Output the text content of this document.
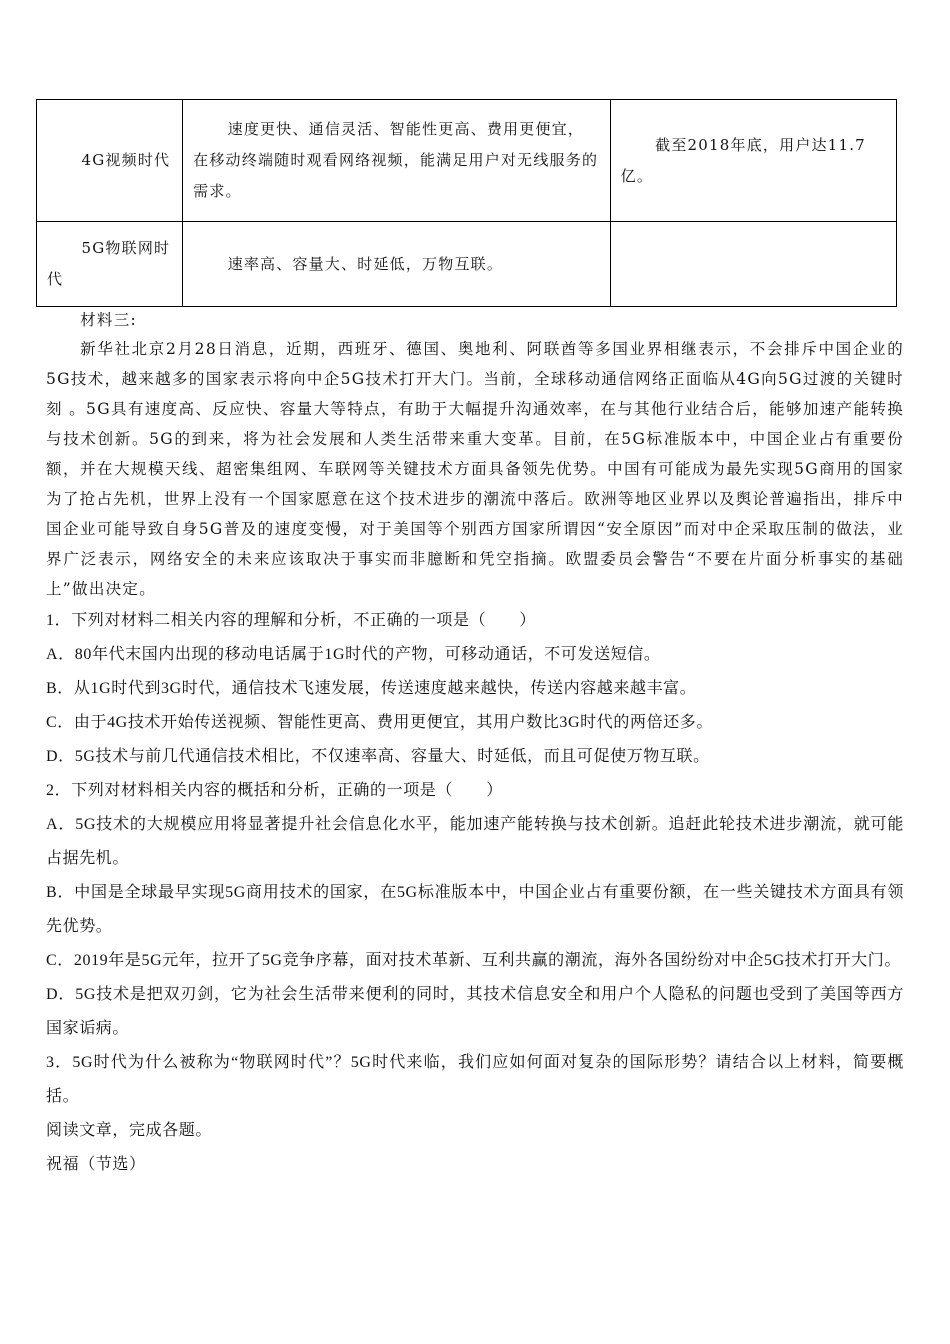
4G视频时代	速度更快、通信灵活、智能性更高、费用更便宜，在移动终端随时观看网络视频，能满足用户对无线服务的需求。	截至2018年底，用户达11.7亿。

5G物联网时代	速率高、容量大、时延低，万物互联。	

材料三:

新华社北京2月28日消息，近期，西班牙、德国、奥地利、阿联酋等多国业界相继表示，不会排斥中国企业的5G技术，越来越多的国家表示将向中企5G技术打开大门。当前，全球移动通信网络正面临从4G向5G过渡的关键时刻 。5G具有速度高、反应快、容量大等特点，有助于大幅提升沟通效率，在与其他行业结合后，能够加速产能转换与技术创新。5G的到来，将为社会发展和人类生活带来重大变革。目前，在5G标准版本中，中国企业占有重要份额，并在大规模天线、超密集组网、车联网等关键技术方面具备领先优势。中国有可能成为最先实现5G商用的国家为了抢占先机，世界上没有一个国家愿意在这个技术进步的潮流中落后。欧洲等地区业界以及舆论普遍指出，排斥中国企业可能导致自身5G普及的速度变慢，对于美国等个别西方国家所谓因“安全原因”而对中企采取压制的做法，业界广泛表示，网络安全的未来应该取决于事实而非臆断和凭空指摘。欧盟委员会警告“不要在片面分析事实的基础上”做出决定。

1．下列对材料二相关内容的理解和分析，不正确的一项是（　　）

A．80年代末国内出现的移动电话属于1G时代的产物，可移动通话，不可发送短信。

B．从1G时代到3G时代，通信技术飞速发展，传送速度越来越快，传送内容越来越丰富。

C．由于4G技术开始传送视频、智能性更高、费用更便宜，其用户数比3G时代的两倍还多。

D．5G技术与前几代通信技术相比，不仅速率高、容量大、时延低，而且可促使万物互联。

2．下列对材料相关内容的概括和分析，正确的一项是（　　）

A．5G技术的大规模应用将显著提升社会信息化水平，能加速产能转换与技术创新。追赶此轮技术进步潮流，就可能占据先机。

B．中国是全球最早实现5G商用技术的国家，在5G标准版本中，中国企业占有重要份额，在一些关键技术方面具有领先优势。

C．2019年是5G元年，拉开了5G竞争序幕，面对技术革新、互利共赢的潮流，海外各国纷纷对中企5G技术打开大门。

D．5G技术是把双刃剑，它为社会生活带来便利的同时，其技术信息安全和用户个人隐私的问题也受到了美国等西方国家诟病。

3．5G时代为什么被称为“物联网时代”？5G时代来临，我们应如何面对复杂的国际形势？请结合以上材料，简要概括。

阅读文章，完成各题。

祝福（节选）
